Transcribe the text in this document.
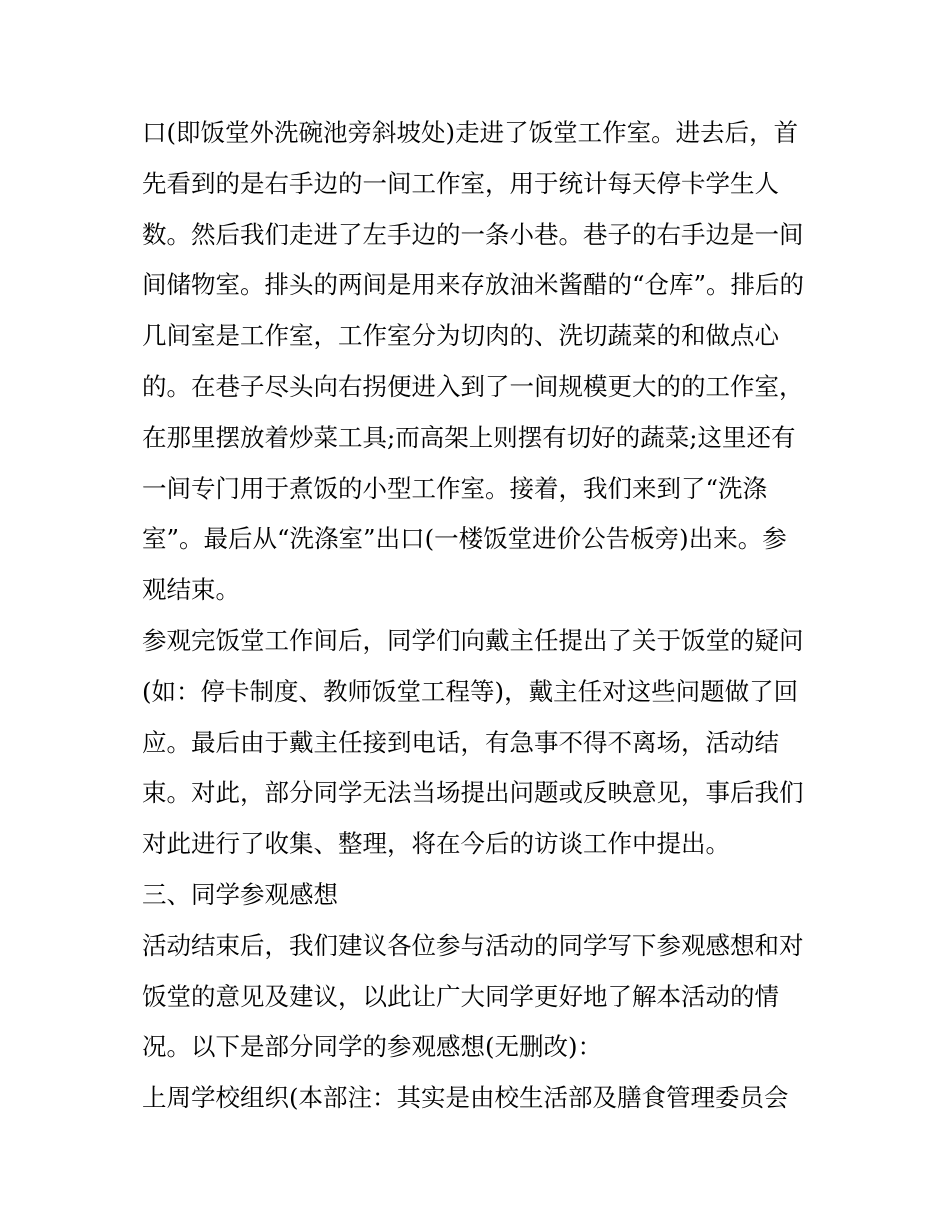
口(即饭堂外洗碗池旁斜坡处)走进了饭堂工作室。进去后，首
先看到的是右手边的一间工作室，用于统计每天停卡学生人
数。然后我们走进了左手边的一条小巷。巷子的右手边是一间
间储物室。排头的两间是用来存放油米酱醋的“仓库”。排后的
几间室是工作室，工作室分为切肉的、洗切蔬菜的和做点心
的。在巷子尽头向右拐便进入到了一间规模更大的的工作室，
在那里摆放着炒菜工具;而高架上则摆有切好的蔬菜;这里还有
一间专门用于煮饭的小型工作室。接着，我们来到了“洗涤
室”。最后从“洗涤室”出口(一楼饭堂进价公告板旁)出来。参
观结束。
参观完饭堂工作间后，同学们向戴主任提出了关于饭堂的疑问
(如：停卡制度、教师饭堂工程等)，戴主任对这些问题做了回
应。最后由于戴主任接到电话，有急事不得不离场，活动结
束。对此，部分同学无法当场提出问题或反映意见，事后我们
对此进行了收集、整理，将在今后的访谈工作中提出。
三、同学参观感想
活动结束后，我们建议各位参与活动的同学写下参观感想和对
饭堂的意见及建议，以此让广大同学更好地了解本活动的情
况。以下是部分同学的参观感想(无删改)：
上周学校组织(本部注：其实是由校生活部及膳食管理委员会
